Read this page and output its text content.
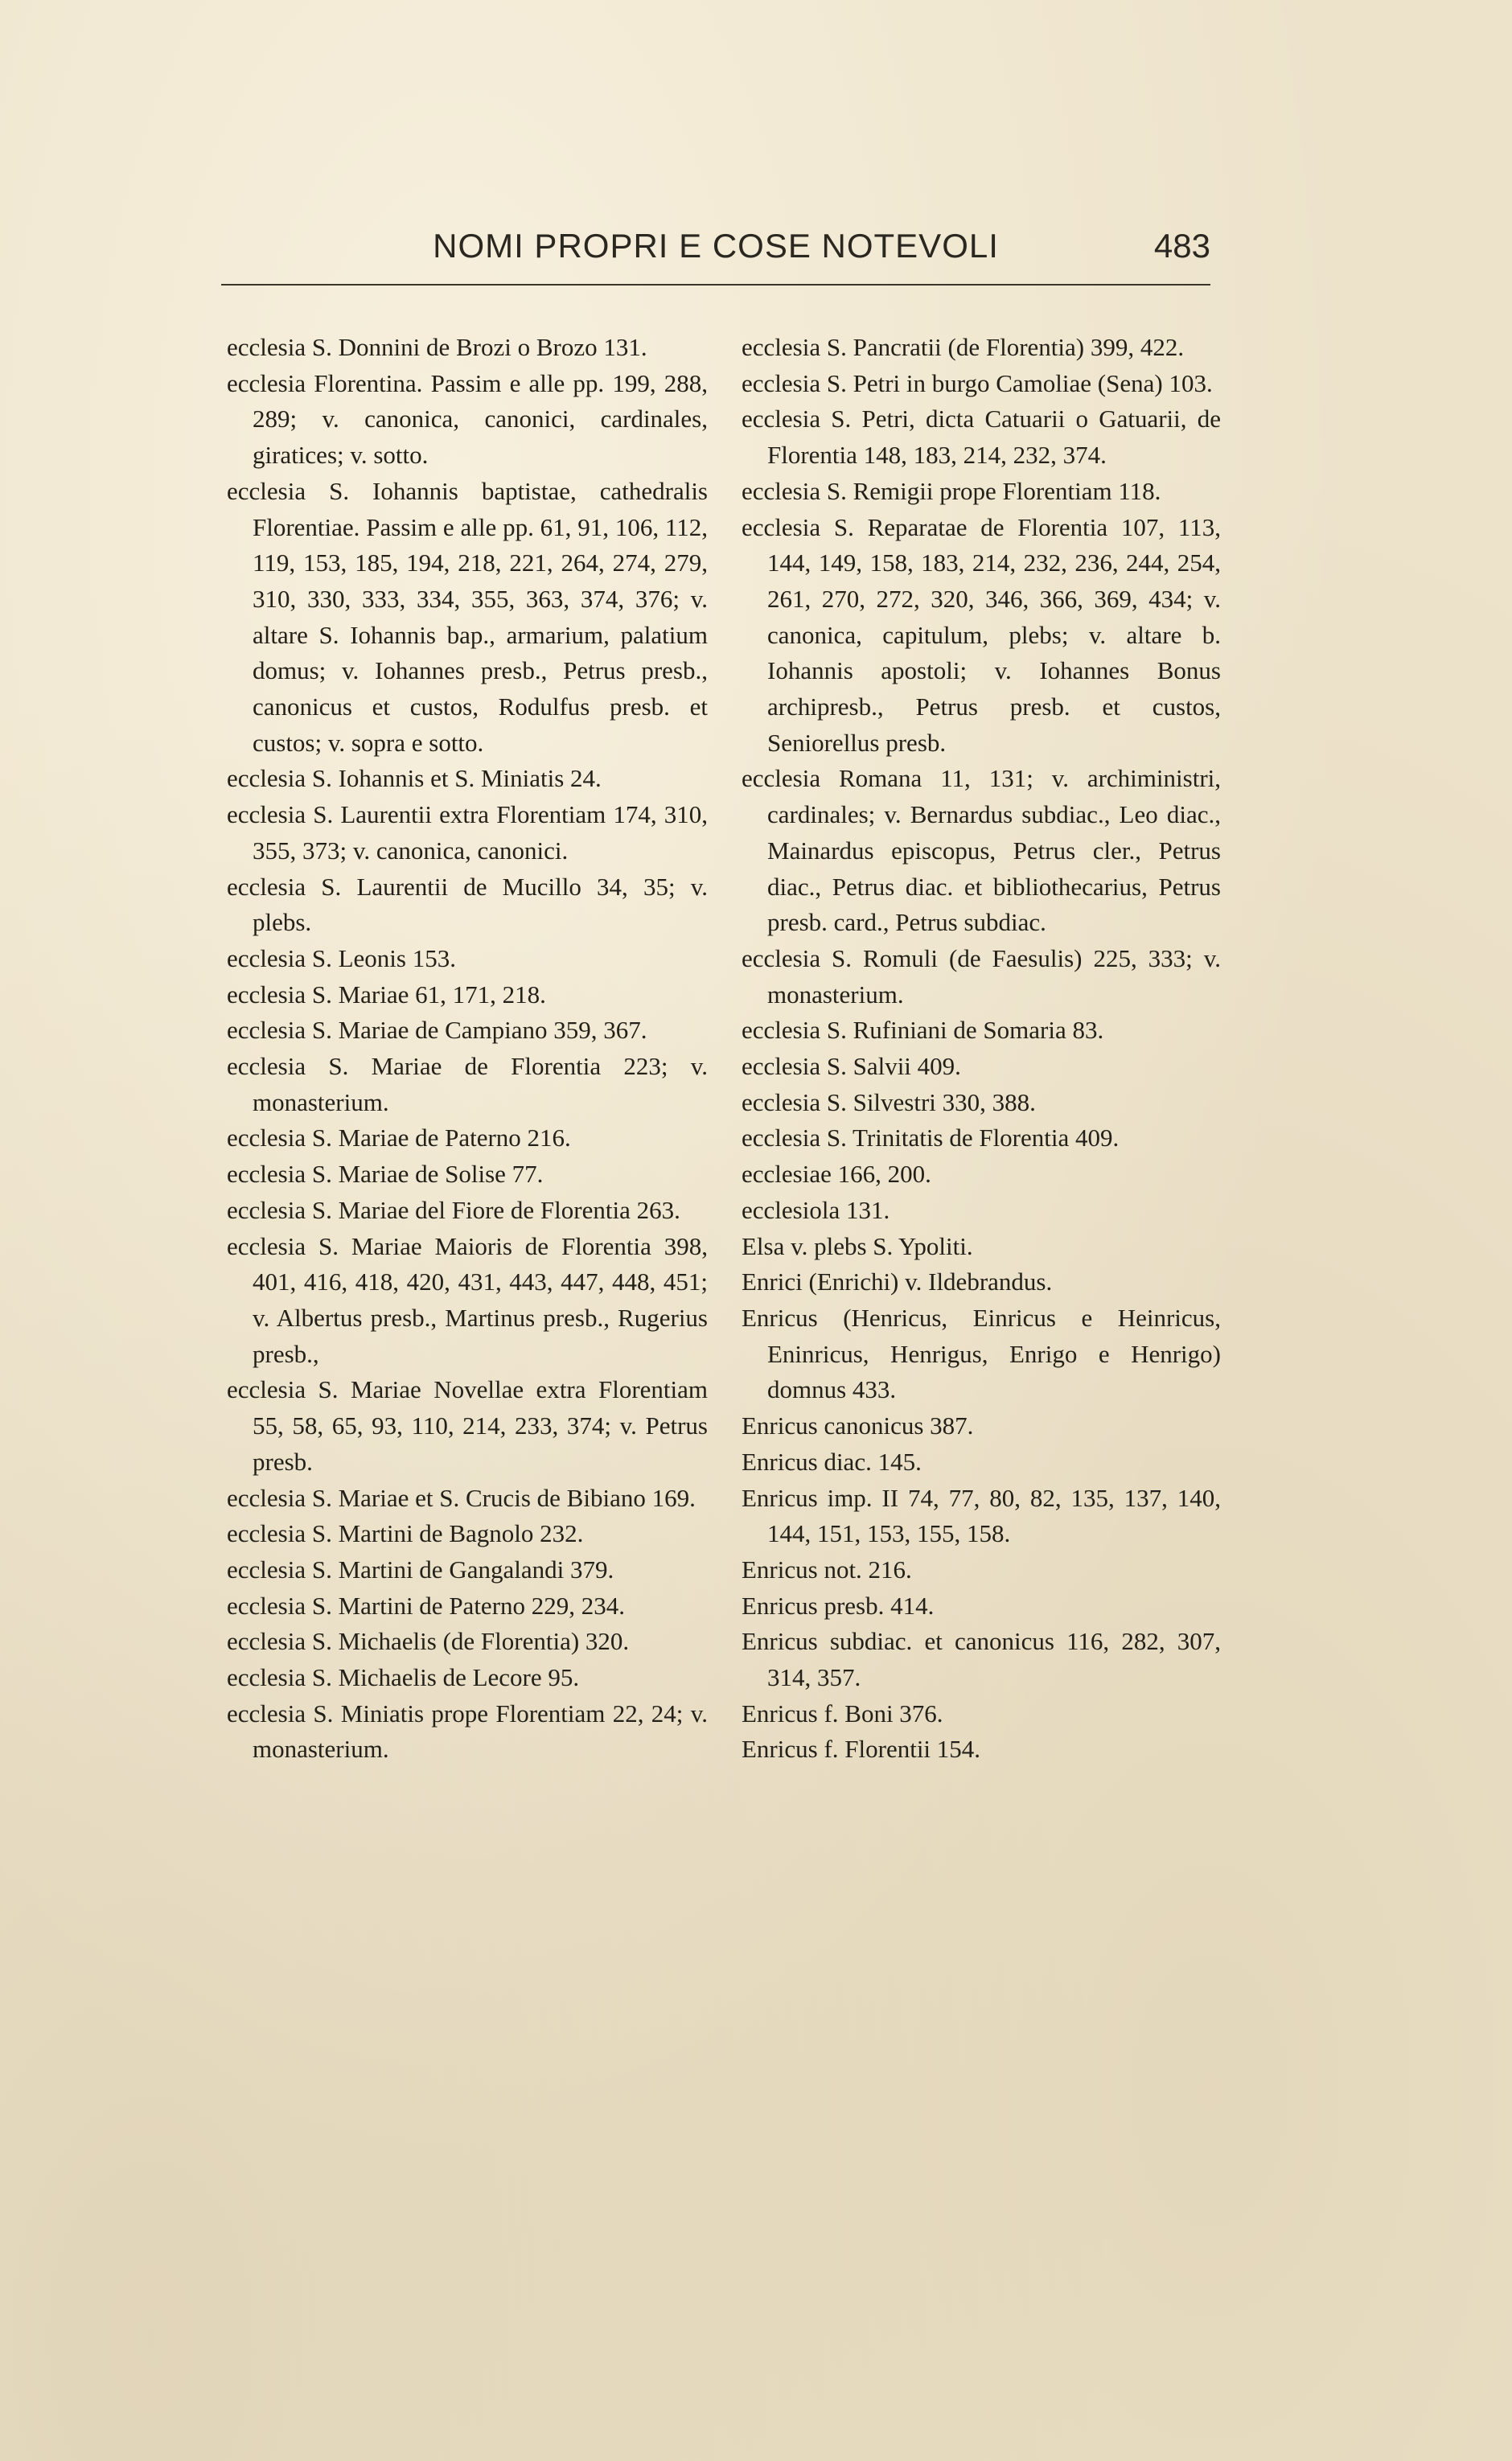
NOMI PROPRI E COSE NOTEVOLI	483

ecclesia S. Donnini de Brozi o Brozo 131.

ecclesia Florentina. Passim e alle pp. 199, 288, 289; v. canonica, canonici, cardinales, giratices; v. sotto.

ecclesia S. Iohannis baptistae, cathedralis Florentiae. Passim e alle pp. 61, 91, 106, 112, 119, 153, 185, 194, 218, 221, 264, 274, 279, 310, 330, 333, 334, 355, 363, 374, 376; v. altare S. Iohannis bap., armarium, palatium domus; v. Iohannes presb., Petrus presb., canonicus et custos, Rodulfus presb. et custos; v. sopra e sotto.

ecclesia S. Iohannis et S. Miniatis 24.

ecclesia S. Laurentii extra Florentiam 174, 310, 355, 373; v. canonica, canonici.

ecclesia S. Laurentii de Mucillo 34, 35; v. plebs.

ecclesia S. Leonis 153.

ecclesia S. Mariae 61, 171, 218.

ecclesia S. Mariae de Campiano 359, 367.

ecclesia S. Mariae de Florentia 223; v. monasterium.

ecclesia S. Mariae de Paterno 216.

ecclesia S. Mariae de Solise 77.

ecclesia S. Mariae del Fiore de Florentia 263.

ecclesia S. Mariae Maioris de Florentia 398, 401, 416, 418, 420, 431, 443, 447, 448, 451; v. Albertus presb., Martinus presb., Rugerius presb.,

ecclesia S. Mariae Novellae extra Florentiam 55, 58, 65, 93, 110, 214, 233, 374; v. Petrus presb.

ecclesia S. Mariae et S. Crucis de Bibiano 169.

ecclesia S. Martini de Bagnolo 232.

ecclesia S. Martini de Gangalandi 379.

ecclesia S. Martini de Paterno 229, 234.

ecclesia S. Michaelis (de Florentia) 320.

ecclesia S. Michaelis de Lecore 95.

ecclesia S. Miniatis prope Florentiam 22, 24; v. monasterium.

ecclesia S. Pancratii (de Florentia) 399, 422.

ecclesia S. Petri in burgo Camoliae (Sena) 103.

ecclesia S. Petri, dicta Catuarii o Gatuarii, de Florentia 148, 183, 214, 232, 374.

ecclesia S. Remigii prope Florentiam 118.

ecclesia S. Reparatae de Florentia 107, 113, 144, 149, 158, 183, 214, 232, 236, 244, 254, 261, 270, 272, 320, 346, 366, 369, 434; v. canonica, capitulum, plebs; v. altare b. Iohannis apostoli; v. Iohannes Bonus archipresb., Petrus presb. et custos, Seniorellus presb.

ecclesia Romana 11, 131; v. archiministri, cardinales; v. Bernardus subdiac., Leo diac., Mainardus episcopus, Petrus cler., Petrus diac., Petrus diac. et bibliothecarius, Petrus presb. card., Petrus subdiac.

ecclesia S. Romuli (de Faesulis) 225, 333; v. monasterium.

ecclesia S. Rufiniani de Somaria 83.

ecclesia S. Salvii 409.

ecclesia S. Silvestri 330, 388.

ecclesia S. Trinitatis de Florentia 409.

ecclesiae 166, 200.

ecclesiola 131.

Elsa v. plebs S. Ypoliti.

Enrici (Enrichi) v. Ildebrandus.

Enricus (Henricus, Einricus e Heinricus, Eninricus, Henrigus, Enrigo e Henrigo) domnus 433.

Enricus canonicus 387.

Enricus diac. 145.

Enricus imp. II 74, 77, 80, 82, 135, 137, 140, 144, 151, 153, 155, 158.

Enricus not. 216.

Enricus presb. 414.

Enricus subdiac. et canonicus 116, 282, 307, 314, 357.

Enricus f. Boni 376.

Enricus f. Florentii 154.
